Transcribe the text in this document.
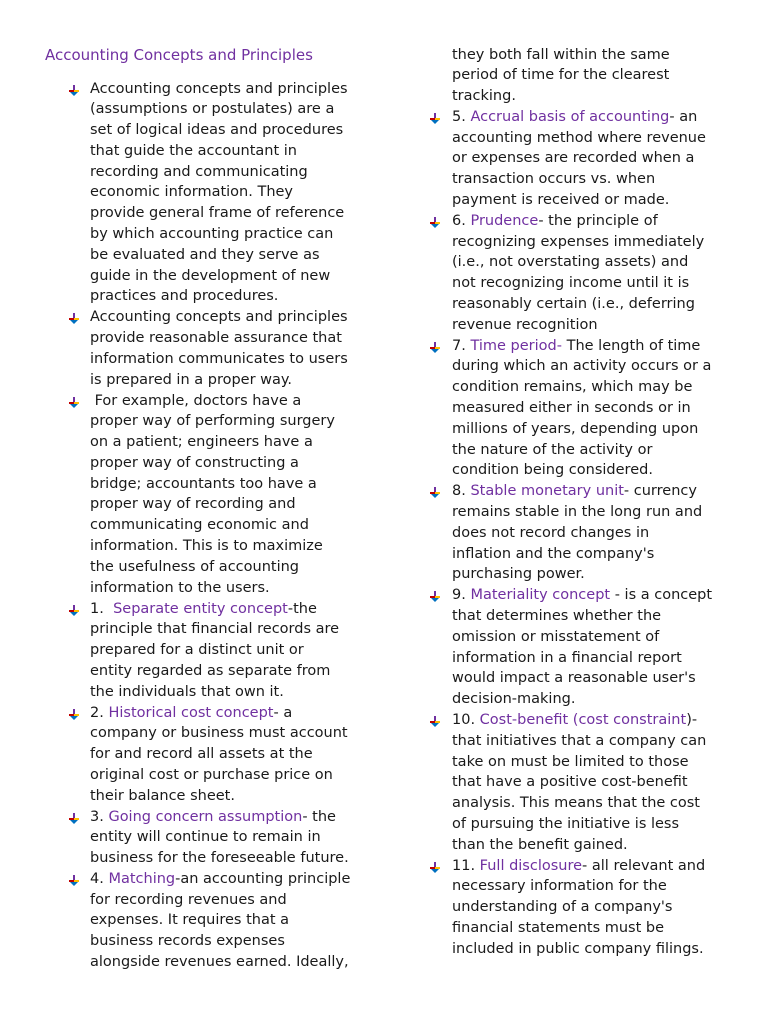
Accounting Concepts and Principles
Accounting concepts and principles
(assumptions or postulates) are a
set of logical ideas and procedures
that guide the accountant in
recording and communicating
economic information. They
provide general frame of reference
by which accounting practice can
be evaluated and they serve as
guide in the development of new
practices and procedures.
Accounting concepts and principles
provide reasonable assurance that
information communicates to users
is prepared in a proper way.
For example, doctors have a
proper way of performing surgery
on a patient; engineers have a
proper way of constructing a
bridge; accountants too have a
proper way of recording and
communicating economic and
information. This is to maximize
the usefulness of accounting
information to the users.
1.  Separate entity concept-the
principle that financial records are
prepared for a distinct unit or
entity regarded as separate from
the individuals that own it.
2. Historical cost concept- a
company or business must account
for and record all assets at the
original cost or purchase price on
their balance sheet.
3. Going concern assumption- the
entity will continue to remain in
business for the foreseeable future.
4. Matching-an accounting principle
for recording revenues and
expenses. It requires that a
business records expenses
alongside revenues earned. Ideally,
they both fall within the same
period of time for the clearest
tracking.
5. Accrual basis of accounting- an
accounting method where revenue
or expenses are recorded when a
transaction occurs vs. when
payment is received or made.
6. Prudence- the principle of
recognizing expenses immediately
(i.e., not overstating assets) and
not recognizing income until it is
reasonably certain (i.e., deferring
revenue recognition
7. Time period- The length of time
during which an activity occurs or a
condition remains, which may be
measured either in seconds or in
millions of years, depending upon
the nature of the activity or
condition being considered.
8. Stable monetary unit- currency
remains stable in the long run and
does not record changes in
inflation and the company's
purchasing power.
9. Materiality concept - is a concept
that determines whether the
omission or misstatement of
information in a financial report
would impact a reasonable user's
decision-making.
10. Cost-benefit (cost constraint)-
that initiatives that a company can
take on must be limited to those
that have a positive cost-benefit
analysis. This means that the cost
of pursuing the initiative is less
than the benefit gained.
11. Full disclosure- all relevant and
necessary information for the
understanding of a company's
financial statements must be
included in public company filings.
